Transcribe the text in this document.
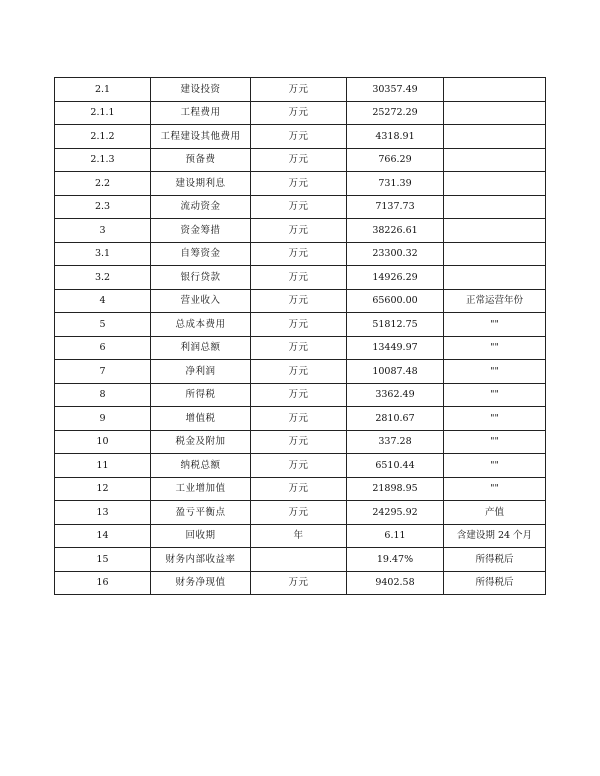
2.1	建设投资	万元	30357.49	
2.1.1	工程费用	万元	25272.29	
2.1.2	工程建设其他费用	万元	4318.91	
2.1.3	预备费	万元	766.29	
2.2	建设期利息	万元	731.39	
2.3	流动资金	万元	7137.73	
3	资金筹措	万元	38226.61	
3.1	自筹资金	万元	23300.32	
3.2	银行贷款	万元	14926.29	
4	营业收入	万元	65600.00	正常运营年份
5	总成本费用	万元	51812.75	""
6	利润总额	万元	13449.97	""
7	净利润	万元	10087.48	""
8	所得税	万元	3362.49	""
9	增值税	万元	2810.67	""
10	税金及附加	万元	337.28	""
11	纳税总额	万元	6510.44	""
12	工业增加值	万元	21898.95	""
13	盈亏平衡点	万元	24295.92	产值
14	回收期	年	6.11	含建设期 24 个月
15	财务内部收益率		19.47%	所得税后
16	财务净现值	万元	9402.58	所得税后
